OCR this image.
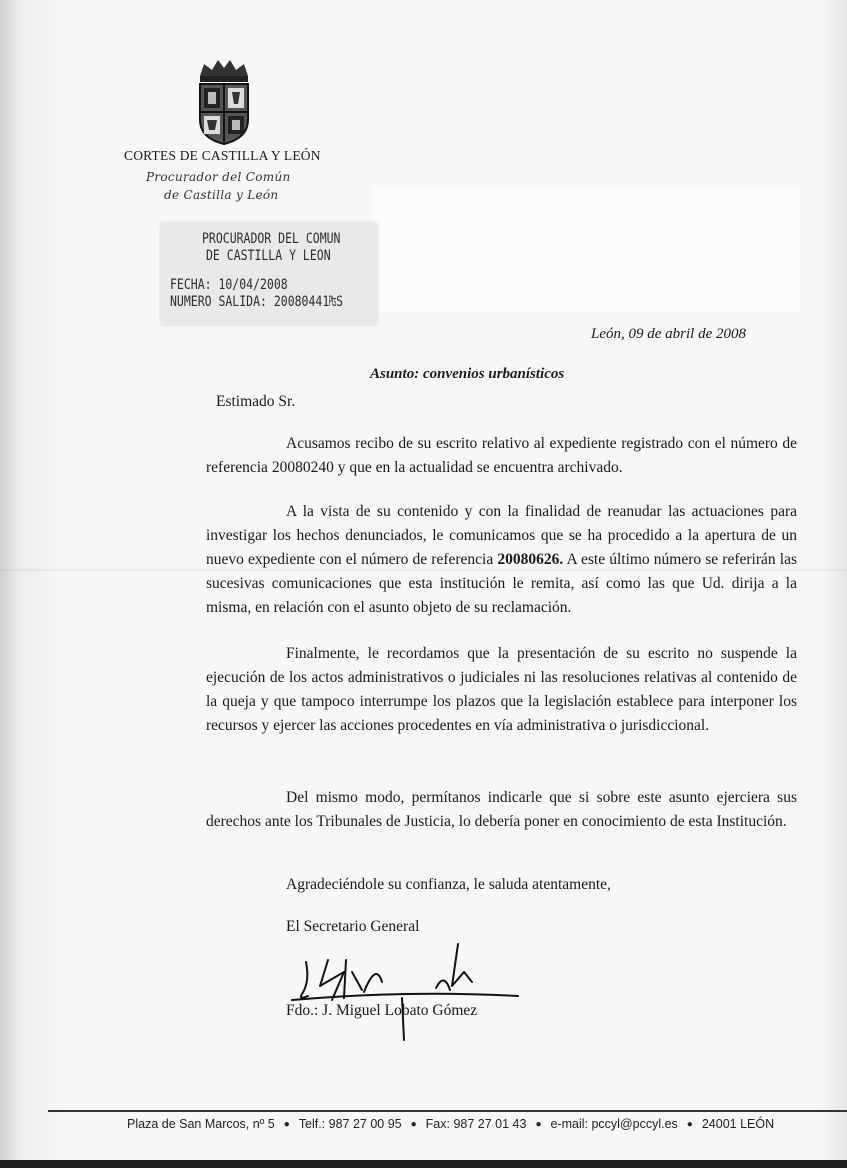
CORTES DE CASTILLA Y LEÓN
Procurador del Común
de Castilla y León
PROCURADOR DEL COMUN
DE CASTILLA Y LEON
FECHA: 10/04/2008
NUMERO SALIDA: 20080441₧S
León, 09 de abril de 2008
Asunto: convenios urbanísticos
Estimado Sr.
Acusamos recibo de su escrito relativo al expediente registrado con el número de referencia 20080240 y que en la actualidad se encuentra archivado.
A la vista de su contenido y con la finalidad de reanudar las actuaciones para investigar los hechos denunciados, le comunicamos que se ha procedido a la apertura de un nuevo expediente con el número de referencia 20080626. A este último número se referirán las sucesivas comunicaciones que esta institución le remita, así como las que Ud. dirija a la misma, en relación con el asunto objeto de su reclamación.
Finalmente, le recordamos que la presentación de su escrito no suspende la ejecución de los actos administrativos o judiciales ni las resoluciones relativas al contenido de la queja y que tampoco interrumpe los plazos que la legislación establece para interponer los recursos y ejercer las acciones procedentes en vía administrativa o jurisdiccional.
Del mismo modo, permítanos indicarle que si sobre este asunto ejerciera sus derechos ante los Tribunales de Justicia, lo debería poner en conocimiento de esta Institución.
Agradeciéndole su confianza, le saluda atentamente,
El Secretario General
Fdo.: J. Miguel Lobato Gómez
Plaza de San Marcos, nº 5 ● Telf.: 987 27 00 95 ● Fax: 987 27 01 43 ● e-mail: pccyl@pccyl.es ● 24001 LEÓN
